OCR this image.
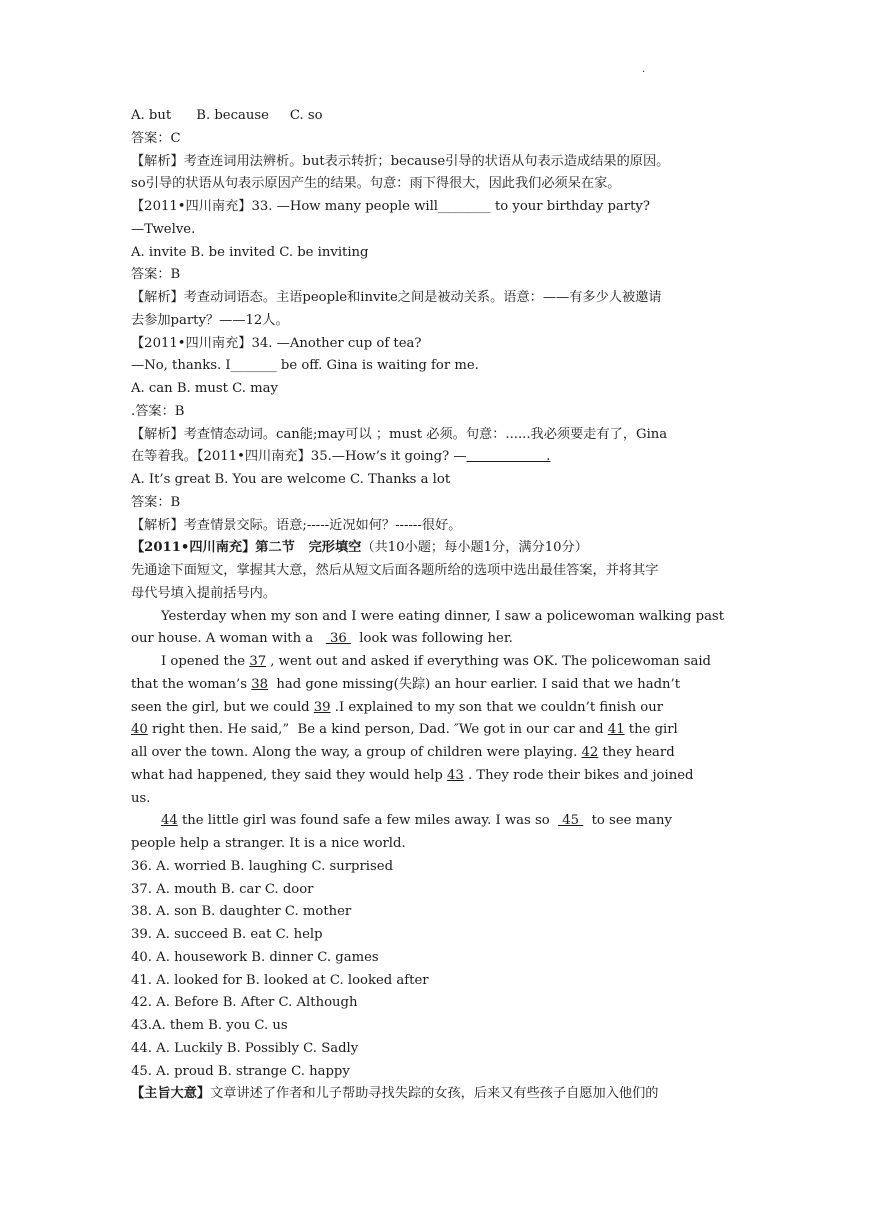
.
A. but      B. because     C. so
答案：C
【解析】考查连词用法辨析。but表示转折；because引导的状语从句表示造成结果的原因。
so引导的状语从句表示原因产生的结果。句意：雨下得很大，因此我们必须呆在家。
【2011•四川南充】33. —How many people will________ to your birthday party?
—Twelve.
A. invite B. be invited C. be inviting
答案：B
【解析】考查动词语态。主语people和invite之间是被动关系。语意：——有多少人被邀请
去参加party？——12人。
【2011•四川南充】34. —Another cup of tea?
—No, thanks. I_______ be off. Gina is waiting for me.
A. can B. must C. may
.答案：B
【解析】考查情态动词。can能;may可以 ；must 必须。句意：......我必须要走有了，Gina
在等着我。【2011•四川南充】35.—How’s it going? —                   .
A. It’s great B. You are welcome C. Thanks a lot
答案：B
【解析】考查情景交际。语意;-----近况如何？------很好。
【2011•四川南充】第二节   完形填空（共10小题；每小题1分，满分10分）
先通途下面短文，掌握其大意，然后从短文后面各题所给的选项中选出最佳答案，并将其字
母代号填入提前括号内。
Yesterday when my son and I were eating dinner, I saw a policewoman walking past
our house. A woman with a    36   look was following her.
I opened the 37 , went out and asked if everything was OK. The policewoman said
that the woman’s 38  had gone missing(失踪) an hour earlier. I said that we hadn’t
seen the girl, but we could 39 .I explained to my son that we couldn’t finish our
40 right then. He said,”  Be a kind person, Dad. ″We got in our car and 41 the girl
all over the town. Along the way, a group of children were playing. 42 they heard
what had happened, they said they would help 43 . They rode their bikes and joined
us.
44 the little girl was found safe a few miles away. I was so   45   to see many
people help a stranger. It is a nice world.
36. A. worried B. laughing C. surprised
37. A. mouth B. car C. door
38. A. son B. daughter C. mother
39. A. succeed B. eat C. help
40. A. housework B. dinner C. games
41. A. looked for B. looked at C. looked after
42. A. Before B. After C. Although
43.A. them B. you C. us
44. A. Luckily B. Possibly C. Sadly
45. A. proud B. strange C. happy
【主旨大意】文章讲述了作者和儿子帮助寻找失踪的女孩，后来又有些孩子自愿加入他们的
